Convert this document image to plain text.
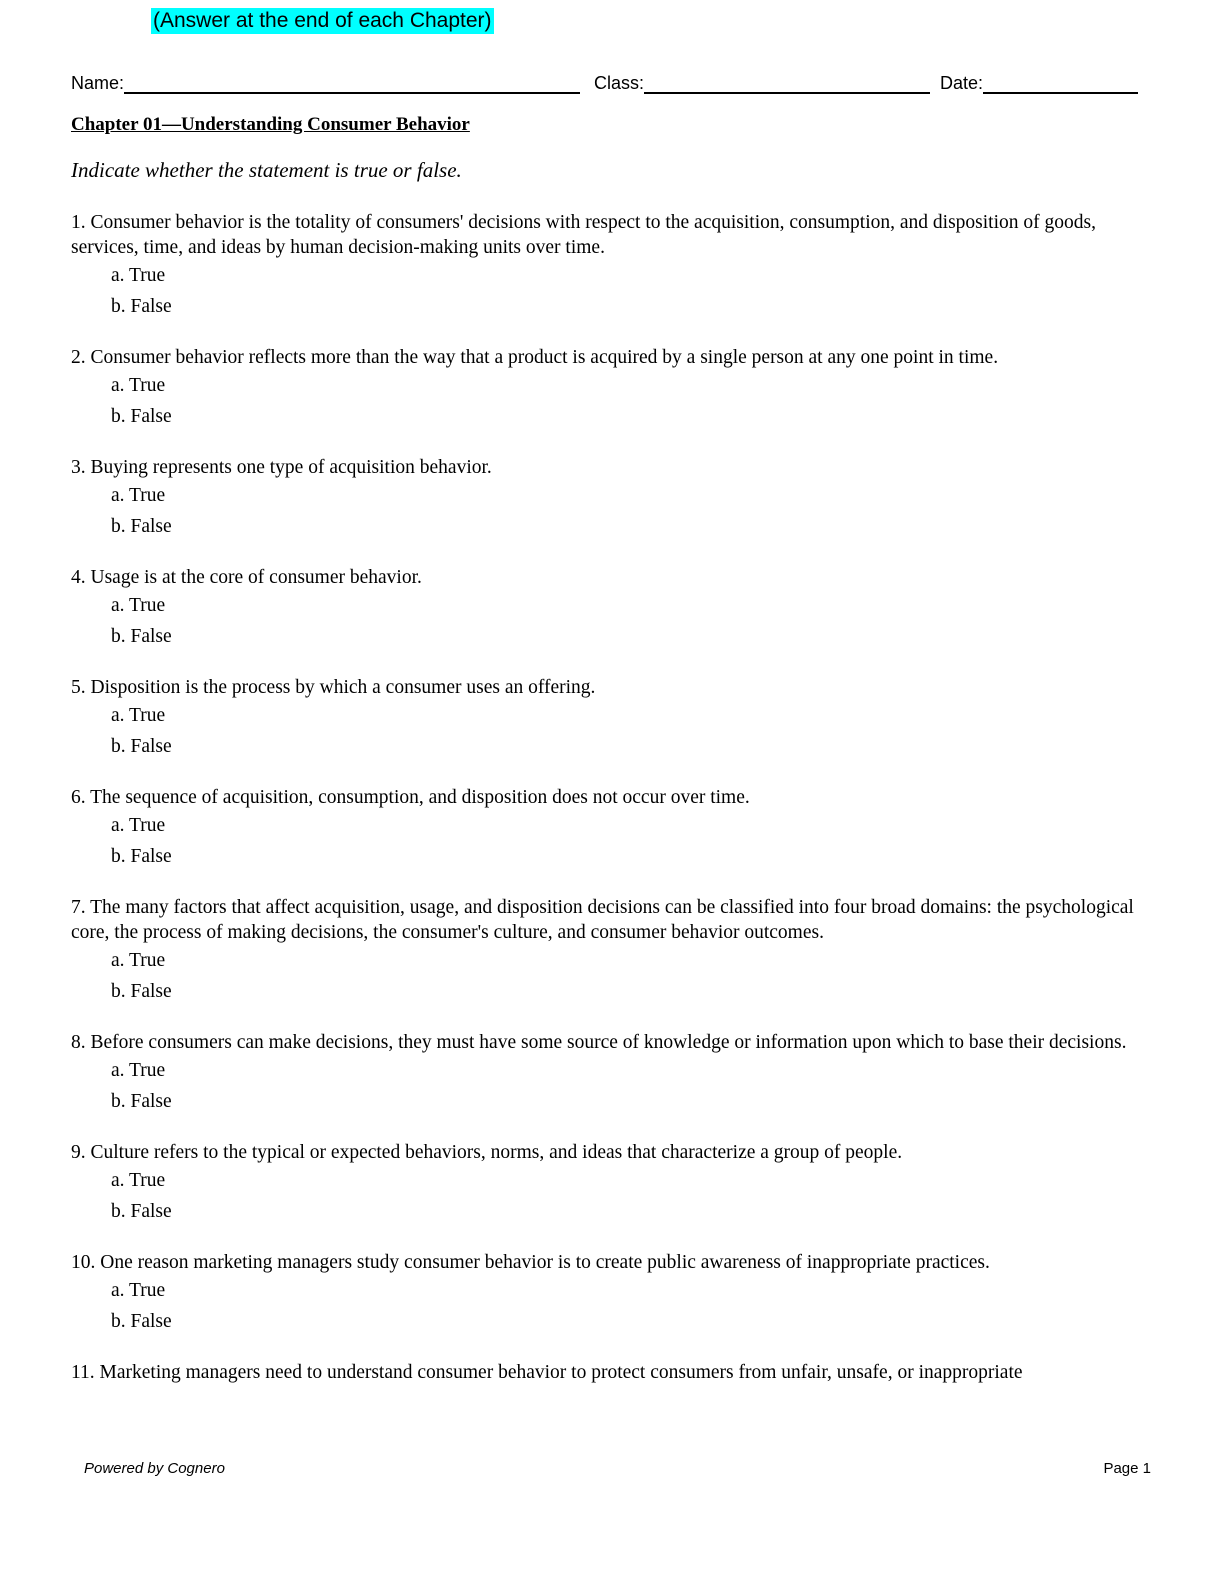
(Answer at the end of each Chapter)
Name:	Class:	Date:
Chapter 01—Understanding Consumer Behavior
Indicate whether the statement is true or false.
1. Consumer behavior is the totality of consumers' decisions with respect to the acquisition, consumption, and disposition of goods, services, time, and ideas by human decision-making units over time.
a. True
b. False
2. Consumer behavior reflects more than the way that a product is acquired by a single person at any one point in time.
a. True
b. False
3. Buying represents one type of acquisition behavior.
a. True
b. False
4. Usage is at the core of consumer behavior.
a. True
b. False
5. Disposition is the process by which a consumer uses an offering.
a. True
b. False
6. The sequence of acquisition, consumption, and disposition does not occur over time.
a. True
b. False
7. The many factors that affect acquisition, usage, and disposition decisions can be classified into four broad domains: the psychological core, the process of making decisions, the consumer's culture, and consumer behavior outcomes.
a. True
b. False
8. Before consumers can make decisions, they must have some source of knowledge or information upon which to base their decisions.
a. True
b. False
9. Culture refers to the typical or expected behaviors, norms, and ideas that characterize a group of people.
a. True
b. False
10. One reason marketing managers study consumer behavior is to create public awareness of inappropriate practices.
a. True
b. False
11. Marketing managers need to understand consumer behavior to protect consumers from unfair, unsafe, or inappropriate
Powered by Cognero	Page 1
